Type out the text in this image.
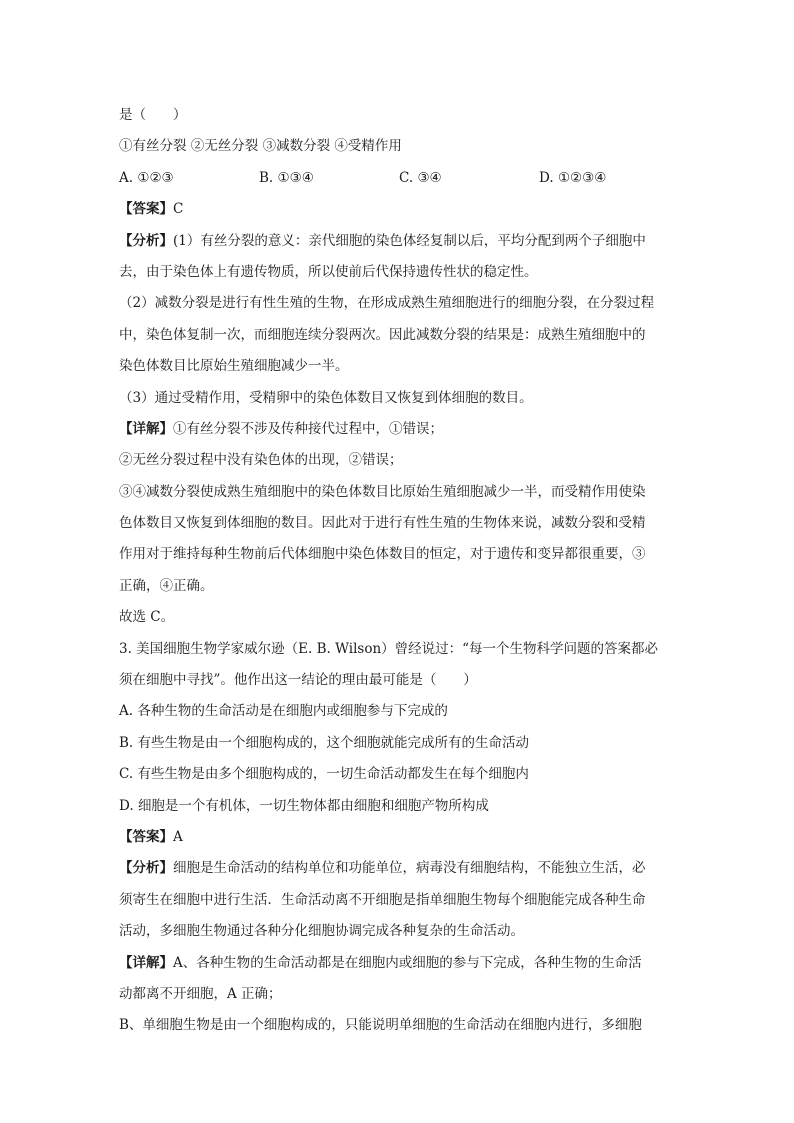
是（　　）
①有丝分裂 ②无丝分裂 ③减数分裂 ④受精作用
A. ①②③	B. ①③④	C. ③④	D. ①②③④
【答案】C
【分析】(1）有丝分裂的意义：亲代细胞的染色体经复制以后，平均分配到两个子细胞中
去，由于染色体上有遗传物质，所以使前后代保持遗传性状的稳定性。
（2）减数分裂是进行有性生殖的生物，在形成成熟生殖细胞进行的细胞分裂，在分裂过程
中，染色体复制一次，而细胞连续分裂两次。因此减数分裂的结果是：成熟生殖细胞中的
染色体数目比原始生殖细胞减少一半。
（3）通过受精作用，受精卵中的染色体数目又恢复到体细胞的数目。
【详解】①有丝分裂不涉及传种接代过程中，①错误；
②无丝分裂过程中没有染色体的出现，②错误；
③④减数分裂使成熟生殖细胞中的染色体数目比原始生殖细胞减少一半，而受精作用使染
色体数目又恢复到体细胞的数目。因此对于进行有性生殖的生物体来说，减数分裂和受精
作用对于维持每种生物前后代体细胞中染色体数目的恒定，对于遗传和变异都很重要，③
正确，④正确。
故选 C。
3. 美国细胞生物学家威尔逊（E. B. Wilson）曾经说过：“每一个生物科学问题的答案都必
须在细胞中寻找”。他作出这一结论的理由最可能是（　　）
A. 各种生物的生命活动是在细胞内或细胞参与下完成的
B. 有些生物是由一个细胞构成的，这个细胞就能完成所有的生命活动
C. 有些生物是由多个细胞构成的，一切生命活动都发生在每个细胞内
D. 细胞是一个有机体，一切生物体都由细胞和细胞产物所构成
【答案】A
【分析】细胞是生命活动的结构单位和功能单位，病毒没有细胞结构，不能独立生活，必
须寄生在细胞中进行生活．生命活动离不开细胞是指单细胞生物每个细胞能完成各种生命
活动，多细胞生物通过各种分化细胞协调完成各种复杂的生命活动。
【详解】A、各种生物的生命活动都是在细胞内或细胞的参与下完成，各种生物的生命活
动都离不开细胞，A 正确；
B、单细胞生物是由一个细胞构成的，只能说明单细胞的生命活动在细胞内进行，多细胞
